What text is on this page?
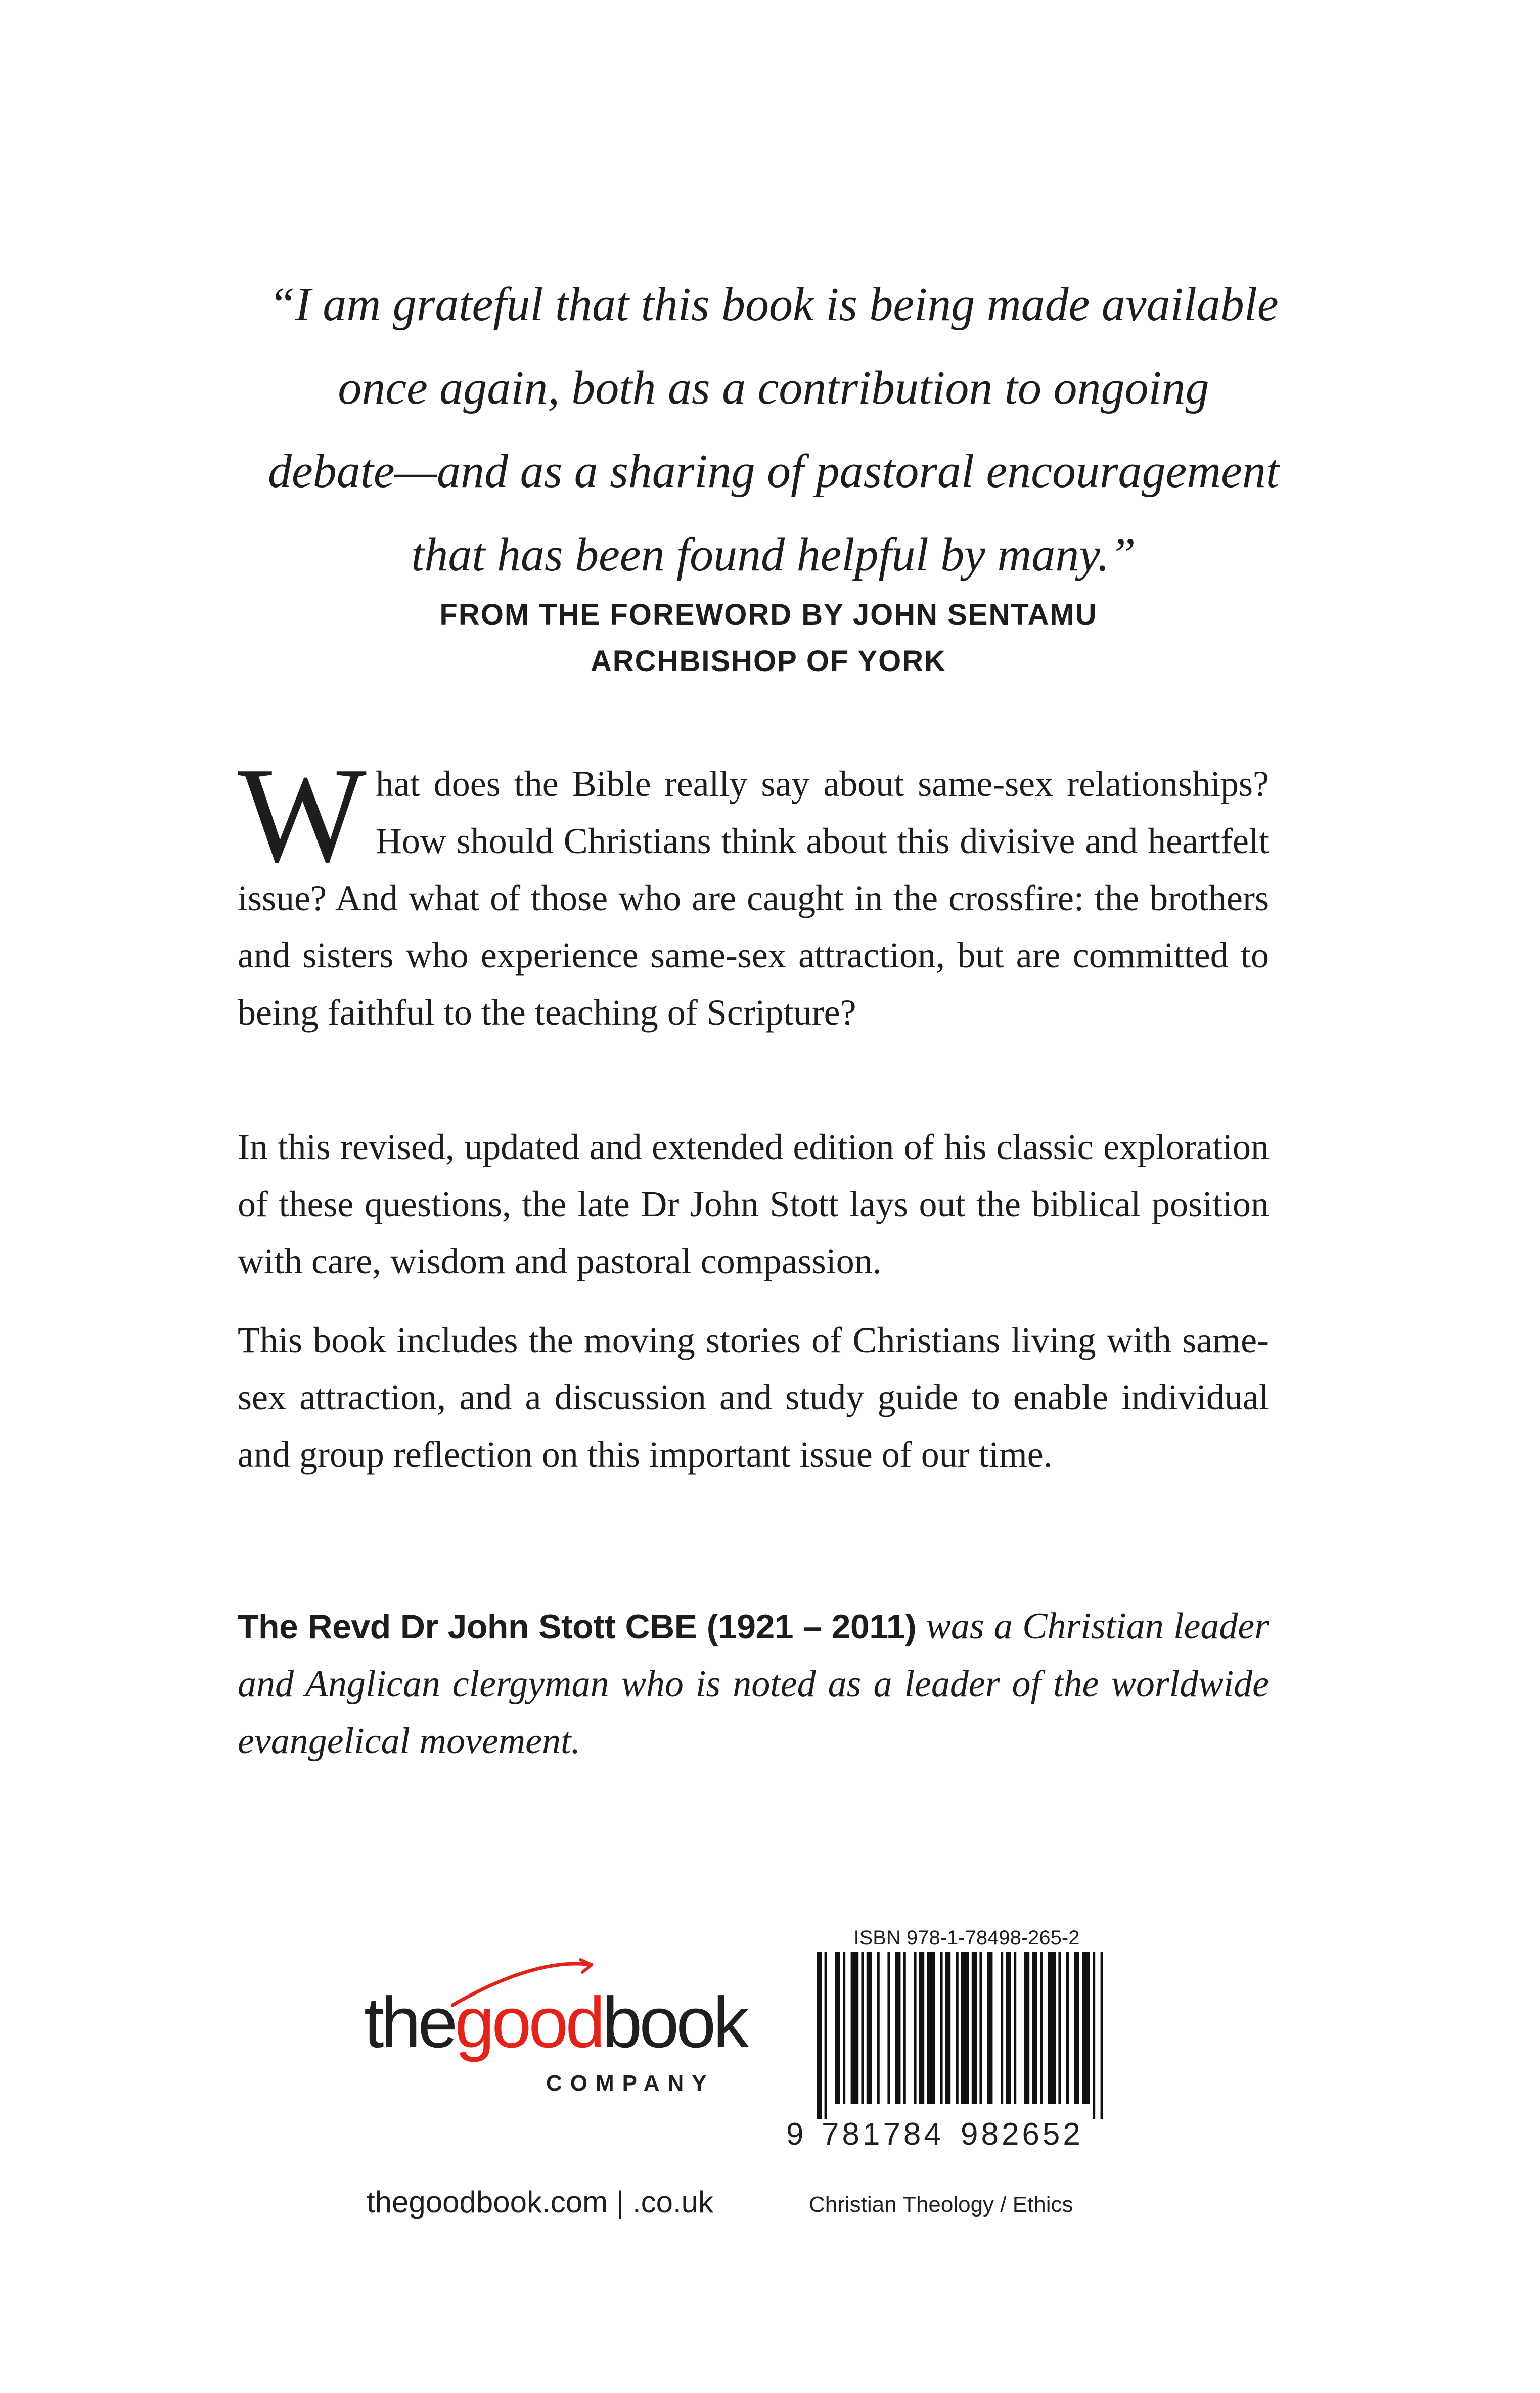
“I am grateful that this book is being made available
once again, both as a contribution to ongoing
debate—and as a sharing of pastoral encouragement
that has been found helpful by many.”
FROM THE FOREWORD BY JOHN SENTAMU
ARCHBISHOP OF YORK
What does the Bible really say about same-sex relationships? How should Christians think about this divisive and heartfelt issue? And what of those who are caught in the crossfire: the brothers and sisters who experience same-sex attraction, but are committed to being faithful to the teaching of Scripture?
In this revised, updated and extended edition of his classic exploration of these questions, the late Dr John Stott lays out the biblical position with care, wisdom and pastoral compassion.
This book includes the moving stories of Christians living with same-sex attraction, and a discussion and study guide to enable individual and group reflection on this important issue of our time.
The Revd Dr John Stott CBE (1921 – 2011) was a Christian leader and Anglican clergyman who is noted as a leader of the worldwide evangelical movement.
thegoodbook
COMPANY
thegoodbook.com | .co.uk
ISBN 978-1-78498-265-2
9 781784 982652
Christian Theology / Ethics
